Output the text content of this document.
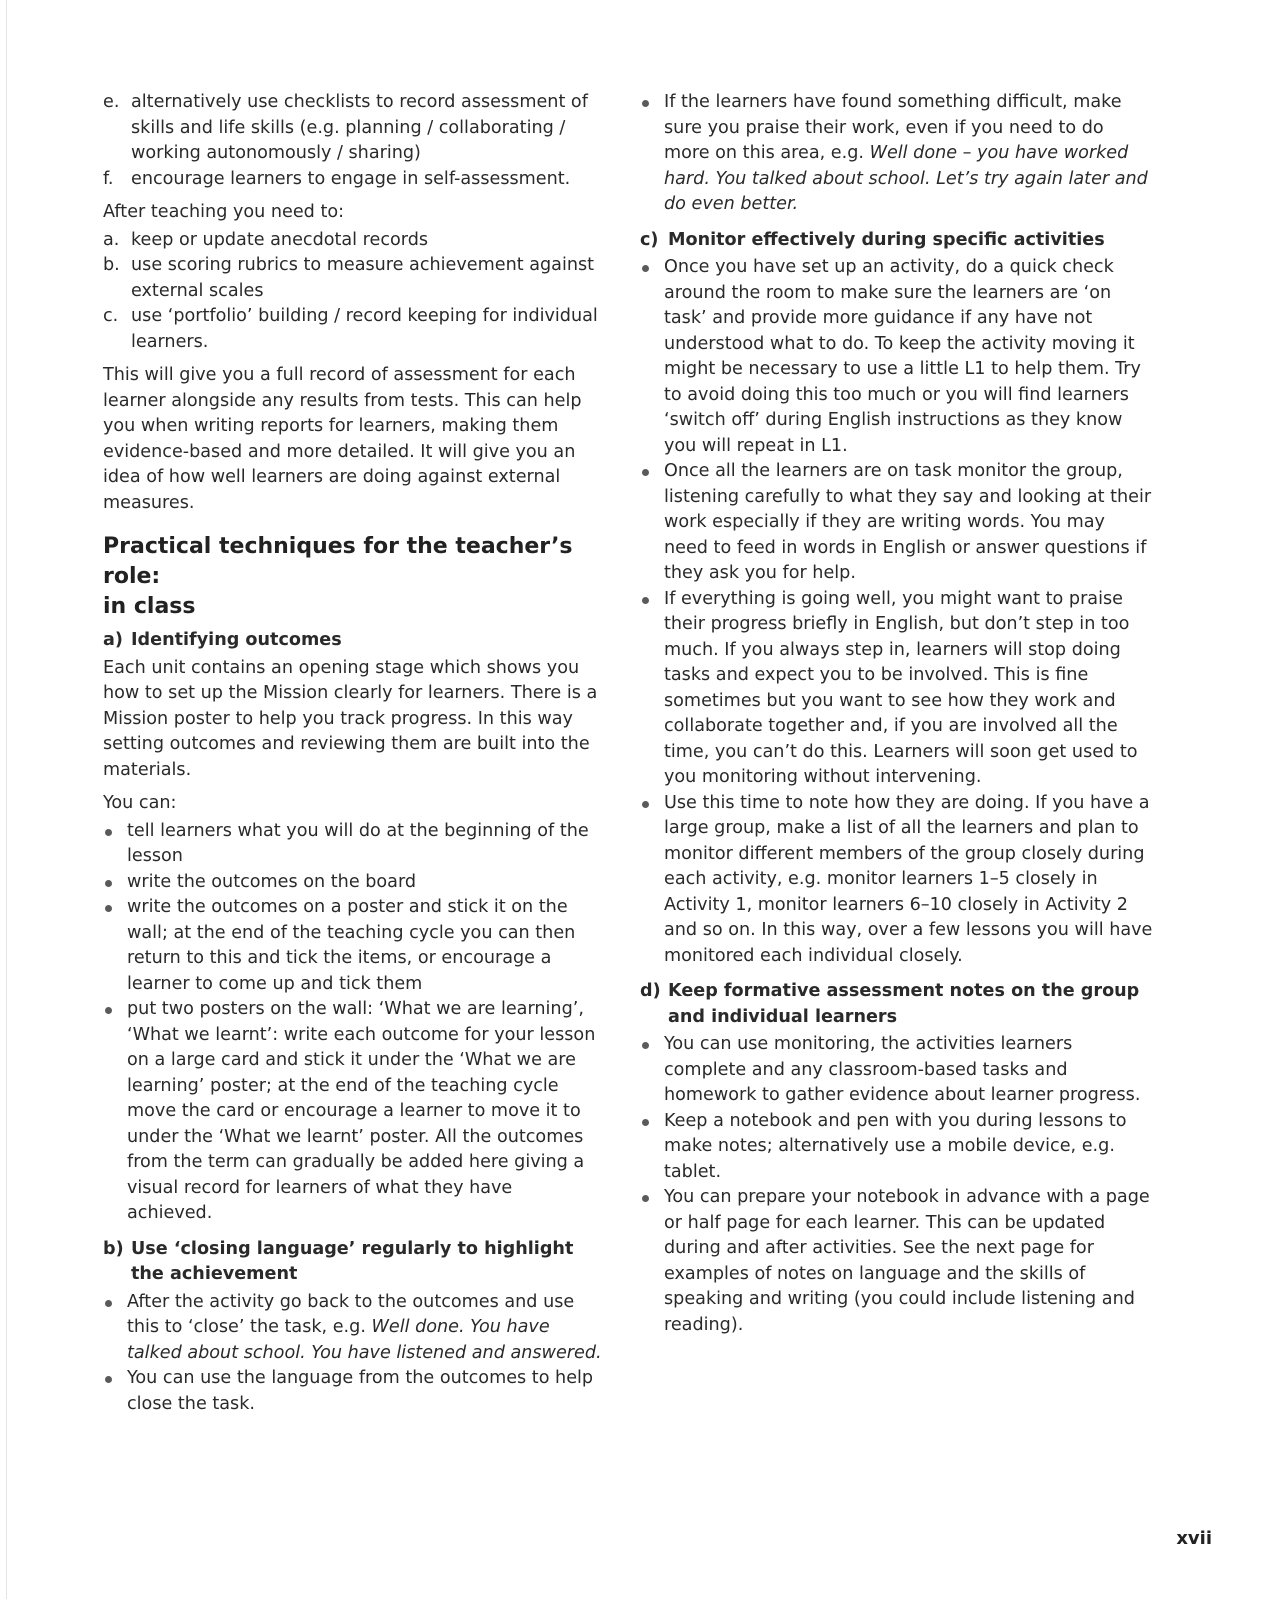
e. alternatively use checklists to record assessment of skills and life skills (e.g. planning / collaborating / working autonomously / sharing)
f. encourage learners to engage in self-assessment.

After teaching you need to:

a. keep or update anecdotal records
b. use scoring rubrics to measure achievement against external scales
c. use ‘portfolio’ building / record keeping for individual learners.

This will give you a full record of assessment for each learner alongside any results from tests. This can help you when writing reports for learners, making them evidence-based and more detailed. It will give you an idea of how well learners are doing against external measures.

Practical techniques for the teacher’s role:
in class
a) Identifying outcomes

Each unit contains an opening stage which shows you how to set up the Mission clearly for learners. There is a Mission poster to help you track progress. In this way setting outcomes and reviewing them are built into the materials.

You can:

tell learners what you will do at the beginning of the lesson
write the outcomes on the board
write the outcomes on a poster and stick it on the wall; at the end of the teaching cycle you can then return to this and tick the items, or encourage a learner to come up and tick them
put two posters on the wall: ‘What we are learning’, ‘What we learnt’: write each outcome for your lesson on a large card and stick it under the ‘What we are learning’ poster; at the end of the teaching cycle move the card or encourage a learner to move it to under the ‘What we learnt’ poster. All the outcomes from the term can gradually be added here giving a visual record for learners of what they have achieved.
b) Use ‘closing language’ regularly to highlight the achievement
After the activity go back to the outcomes and use this to ‘close’ the task, e.g. Well done. You have talked about school. You have listened and answered.
You can use the language from the outcomes to help close the task.
If the learners have found something difficult, make sure you praise their work, even if you need to do more on this area, e.g. Well done – you have worked hard. You talked about school. Let’s try again later and do even better.
c) Monitor effectively during specific activities
Once you have set up an activity, do a quick check around the room to make sure the learners are ‘on task’ and provide more guidance if any have not understood what to do. To keep the activity moving it might be necessary to use a little L1 to help them. Try to avoid doing this too much or you will find learners ‘switch off’ during English instructions as they know you will repeat in L1.
Once all the learners are on task monitor the group, listening carefully to what they say and looking at their work especially if they are writing words. You may need to feed in words in English or answer questions if they ask you for help.
If everything is going well, you might want to praise their progress briefly in English, but don’t step in too much. If you always step in, learners will stop doing tasks and expect you to be involved. This is fine sometimes but you want to see how they work and collaborate together and, if you are involved all the time, you can’t do this. Learners will soon get used to you monitoring without intervening.
Use this time to note how they are doing. If you have a large group, make a list of all the learners and plan to monitor different members of the group closely during each activity, e.g. monitor learners 1–5 closely in Activity 1, monitor learners 6–10 closely in Activity 2 and so on. In this way, over a few lessons you will have monitored each individual closely.
d) Keep formative assessment notes on the group and individual learners
You can use monitoring, the activities learners complete and any classroom-based tasks and homework to gather evidence about learner progress.
Keep a notebook and pen with you during lessons to make notes; alternatively use a mobile device, e.g. tablet.
You can prepare your notebook in advance with a page or half page for each learner. This can be updated during and after activities. See the next page for examples of notes on language and the skills of speaking and writing (you could include listening and reading).
xvii
